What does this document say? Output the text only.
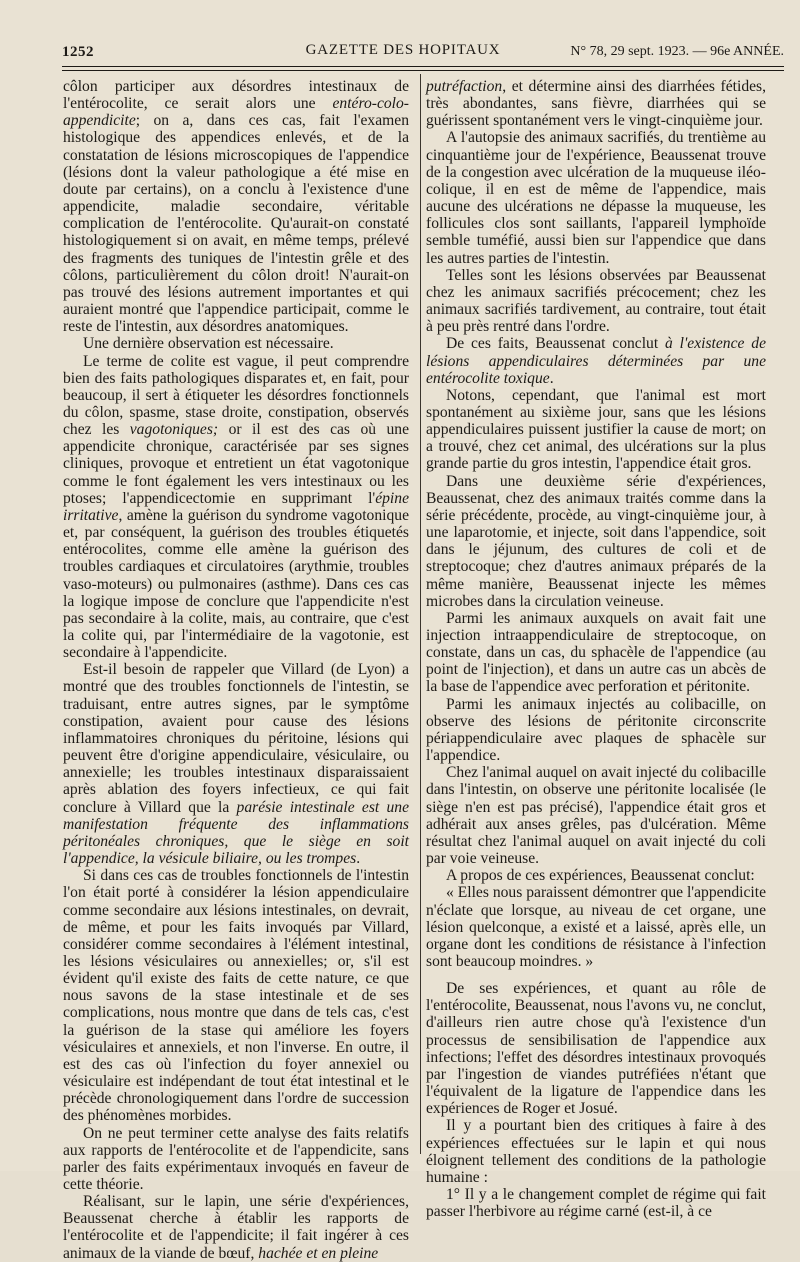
1252	GAZETTE DES HOPITAUX	N° 78, 29 sept. 1923. — 96e ANNÉE.

côlon participer aux désordres intestinaux de l'entérocolite, ce serait alors une entéro-colo-appendicite; on a, dans ces cas, fait l'examen histologique des appendices enlevés, et de la constatation de lésions microscopiques de l'appendice (lésions dont la valeur pathologique a été mise en doute par certains), on a conclu à l'existence d'une appendicite, maladie secondaire, véritable complication de l'entérocolite. Qu'aurait-on constaté histologiquement si on avait, en même temps, prélevé des fragments des tuniques de l'intestin grêle et des côlons, particulièrement du côlon droit! N'aurait-on pas trouvé des lésions autrement importantes et qui auraient montré que l'appendice participait, comme le reste de l'intestin, aux désordres anatomiques.

Une dernière observation est nécessaire.

Le terme de colite est vague, il peut comprendre bien des faits pathologiques disparates et, en fait, pour beaucoup, il sert à étiqueter les désordres fonctionnels du côlon, spasme, stase droite, constipation, observés chez les vagotoniques; or il est des cas où une appendicite chronique, caractérisée par ses signes cliniques, provoque et entretient un état vagotonique comme le font également les vers intestinaux ou les ptoses; l'appendicectomie en supprimant l'épine irritative, amène la guérison du syndrome vagotonique et, par conséquent, la guérison des troubles étiquetés entérocolites, comme elle amène la guérison des troubles cardiaques et circulatoires (arythmie, troubles vaso-moteurs) ou pulmonaires (asthme). Dans ces cas la logique impose de conclure que l'appendicite n'est pas secondaire à la colite, mais, au contraire, que c'est la colite qui, par l'intermédiaire de la vagotonie, est secondaire à l'appendicite.

Est-il besoin de rappeler que Villard (de Lyon) a montré que des troubles fonctionnels de l'intestin, se traduisant, entre autres signes, par le symptôme constipation, avaient pour cause des lésions inflammatoires chroniques du péritoine, lésions qui peuvent être d'origine appendiculaire, vésiculaire, ou annexielle; les troubles intestinaux disparaissaient après ablation des foyers infectieux, ce qui fait conclure à Villard que la parésie intestinale est une manifestation fréquente des inflammations péritonéales chroniques, que le siège en soit l'appendice, la vésicule biliaire, ou les trompes.

Si dans ces cas de troubles fonctionnels de l'intestin l'on était porté à considérer la lésion appendiculaire comme secondaire aux lésions intestinales, on devrait, de même, et pour les faits invoqués par Villard, considérer comme secondaires à l'élément intestinal, les lésions vésiculaires ou annexielles; or, s'il est évident qu'il existe des faits de cette nature, ce que nous savons de la stase intestinale et de ses complications, nous montre que dans de tels cas, c'est la guérison de la stase qui améliore les foyers vésiculaires et annexiels, et non l'inverse. En outre, il est des cas où l'infection du foyer annexiel ou vésiculaire est indépendant de tout état intestinal et le précède chronologiquement dans l'ordre de succession des phénomènes morbides.

On ne peut terminer cette analyse des faits relatifs aux rapports de l'entérocolite et de l'appendicite, sans parler des faits expérimentaux invoqués en faveur de cette théorie.

Réalisant, sur le lapin, une série d'expériences, Beaussenat cherche à établir les rapports de l'entérocolite et de l'appendicite; il fait ingérer à ces animaux de la viande de bœuf, hachée et en pleine

putréfaction, et détermine ainsi des diarrhées fétides, très abondantes, sans fièvre, diarrhées qui se guérissent spontanément vers le vingt-cinquième jour.

A l'autopsie des animaux sacrifiés, du trentième au cinquantième jour de l'expérience, Beaussenat trouve de la congestion avec ulcération de la muqueuse iléo-colique, il en est de même de l'appendice, mais aucune des ulcérations ne dépasse la muqueuse, les follicules clos sont saillants, l'appareil lymphoïde semble tuméfié, aussi bien sur l'appendice que dans les autres parties de l'intestin.

Telles sont les lésions observées par Beaussenat chez les animaux sacrifiés précocement; chez les animaux sacrifiés tardivement, au contraire, tout était à peu près rentré dans l'ordre.

De ces faits, Beaussenat conclut à l'existence de lésions appendiculaires déterminées par une entérocolite toxique.

Notons, cependant, que l'animal est mort spontanément au sixième jour, sans que les lésions appendiculaires puissent justifier la cause de mort; on a trouvé, chez cet animal, des ulcérations sur la plus grande partie du gros intestin, l'appendice était gros.

Dans une deuxième série d'expériences, Beaussenat, chez des animaux traités comme dans la série précédente, procède, au vingt-cinquième jour, à une laparotomie, et injecte, soit dans l'appendice, soit dans le jéjunum, des cultures de coli et de streptocoque; chez d'autres animaux préparés de la même manière, Beaussenat injecte les mêmes microbes dans la circulation veineuse.

Parmi les animaux auxquels on avait fait une injection intraappendiculaire de streptocoque, on constate, dans un cas, du sphacèle de l'appendice (au point de l'injection), et dans un autre cas un abcès de la base de l'appendice avec perforation et péritonite.

Parmi les animaux injectés au colibacille, on observe des lésions de péritonite circonscrite périappendiculaire avec plaques de sphacèle sur l'appendice.

Chez l'animal auquel on avait injecté du colibacille dans l'intestin, on observe une péritonite localisée (le siège n'en est pas précisé), l'appendice était gros et adhérait aux anses grêles, pas d'ulcération. Même résultat chez l'animal auquel on avait injecté du coli par voie veineuse.

A propos de ces expériences, Beaussenat conclut:

« Elles nous paraissent démontrer que l'appendicite n'éclate que lorsque, au niveau de cet organe, une lésion quelconque, a existé et a laissé, après elle, un organe dont les conditions de résistance à l'infection sont beaucoup moindres. »

De ses expériences, et quant au rôle de l'entérocolite, Beaussenat, nous l'avons vu, ne conclut, d'ailleurs rien autre chose qu'à l'existence d'un processus de sensibilisation de l'appendice aux infections; l'effet des désordres intestinaux provoqués par l'ingestion de viandes putréfiées n'étant que l'équivalent de la ligature de l'appendice dans les expériences de Roger et Josué.

Il y a pourtant bien des critiques à faire à des expériences effectuées sur le lapin et qui nous éloignent tellement des conditions de la pathologie humaine :

1° Il y a le changement complet de régime qui fait passer l'herbivore au régime carné (est-il, à ce
